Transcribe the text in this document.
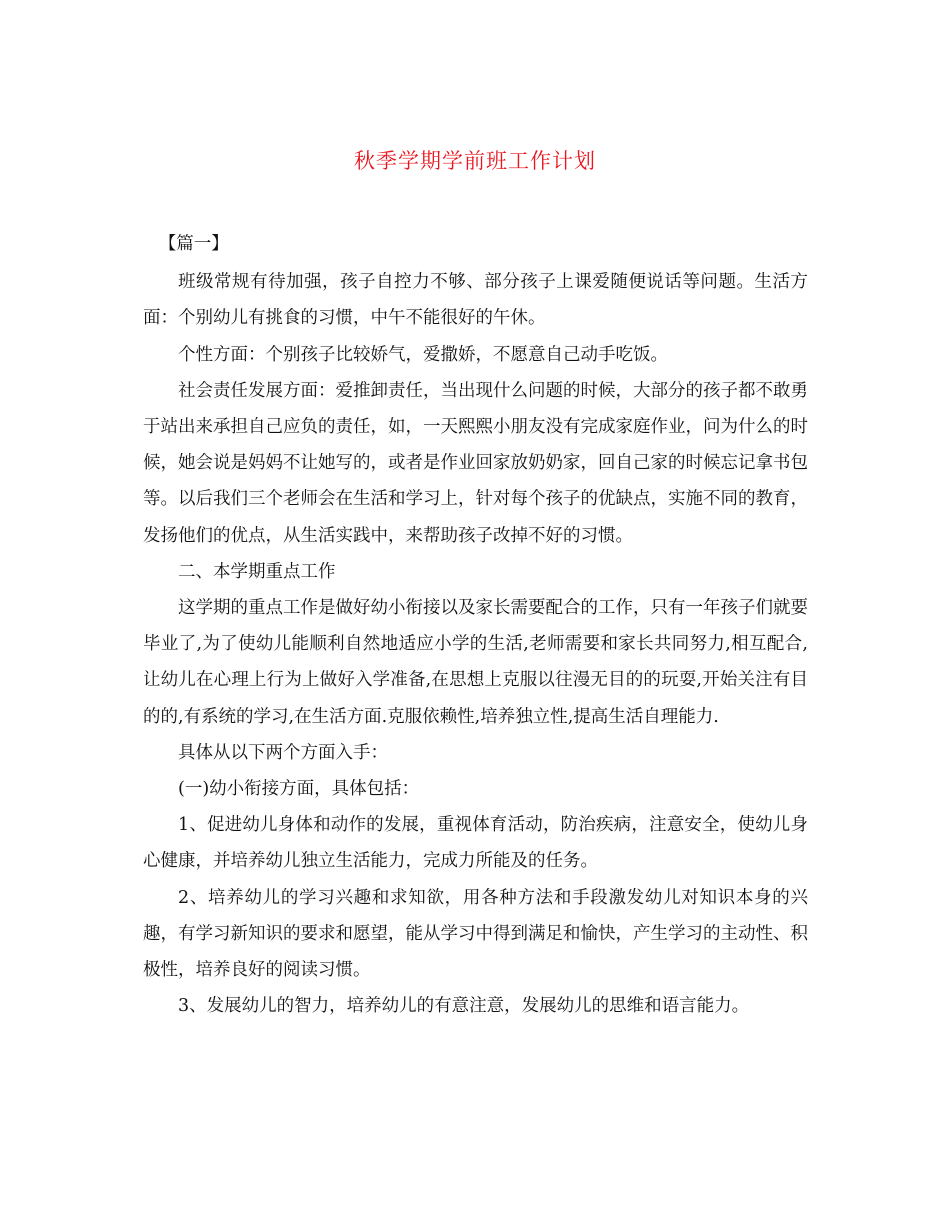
秋季学期学前班工作计划

【篇一】

班级常规有待加强，孩子自控力不够、部分孩子上课爱随便说话等问题。生活方面：个别幼儿有挑食的习惯，中午不能很好的午休。

个性方面：个别孩子比较娇气，爱撒娇，不愿意自己动手吃饭。

社会责任发展方面：爱推卸责任，当出现什么问题的时候，大部分的孩子都不敢勇于站出来承担自己应负的责任，如，一天熙熙小朋友没有完成家庭作业，问为什么的时候，她会说是妈妈不让她写的，或者是作业回家放奶奶家，回自己家的时候忘记拿书包等。以后我们三个老师会在生活和学习上，针对每个孩子的优缺点，实施不同的教育，发扬他们的优点，从生活实践中，来帮助孩子改掉不好的习惯。

二、本学期重点工作

这学期的重点工作是做好幼小衔接以及家长需要配合的工作，只有一年孩子们就要毕业了,为了使幼儿能顺利自然地适应小学的生活,老师需要和家长共同努力,相互配合,让幼儿在心理上行为上做好入学准备,在思想上克服以往漫无目的的玩耍,开始关注有目的的,有系统的学习,在生活方面.克服依赖性,培养独立性,提高生活自理能力.

具体从以下两个方面入手：

(一)幼小衔接方面，具体包括：

1、促进幼儿身体和动作的发展，重视体育活动，防治疾病，注意安全，使幼儿身心健康，并培养幼儿独立生活能力，完成力所能及的任务。

2、培养幼儿的学习兴趣和求知欲，用各种方法和手段激发幼儿对知识本身的兴趣，有学习新知识的要求和愿望，能从学习中得到满足和愉快，产生学习的主动性、积极性，培养良好的阅读习惯。

3、发展幼儿的智力，培养幼儿的有意注意，发展幼儿的思维和语言能力。
